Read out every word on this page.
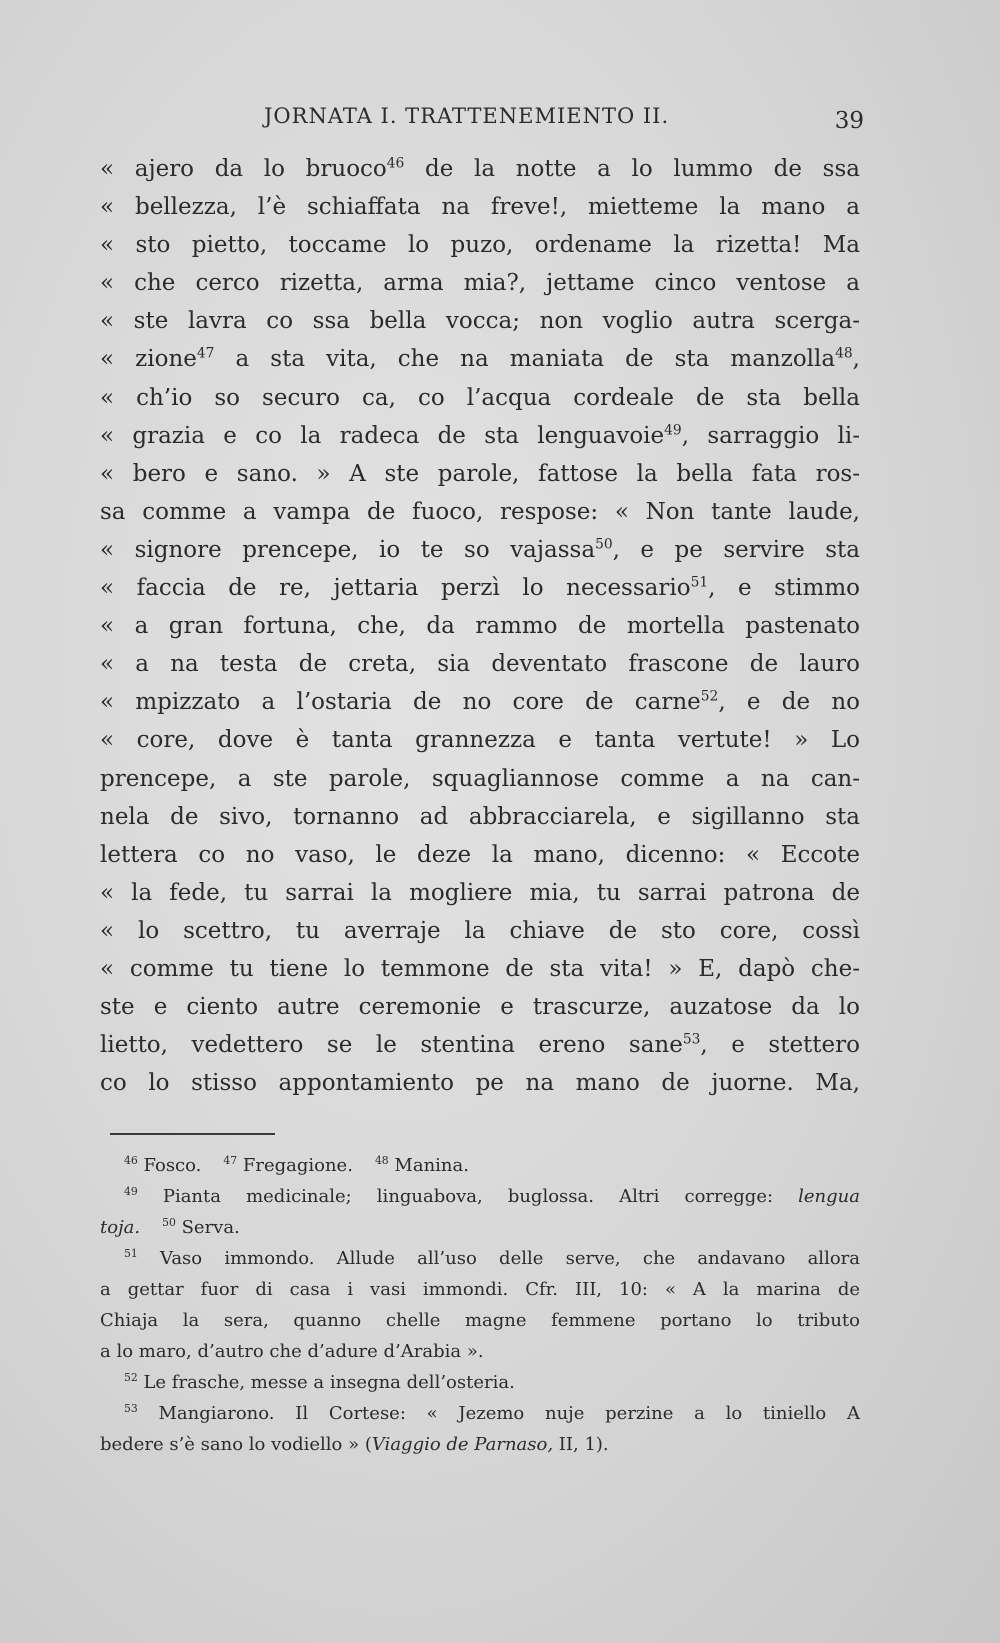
JORNATA I. TRATTENEMIENTO II.	39
« ajero da lo bruoco$^{46}$ de la notte a lo lummo de ssa
« bellezza, l’è schiaffata na freve!, mietteme la mano a
« sto pietto, toccame lo puzo, ordename la rizetta! Ma
« che cerco rizetta, arma mia?, jettame cinco ventose a
« ste lavra co ssa bella vocca; non voglio autra scerga-
« zione$^{47}$ a sta vita, che na maniata de sta manzolla$^{48}$,
« ch’io so securo ca, co l’acqua cordeale de sta bella
« grazia e co la radeca de sta lenguavoie$^{49}$, sarraggio li-
« bero e sano. » A ste parole, fattose la bella fata ros-
sa comme a vampa de fuoco, respose: « Non tante laude,
« signore prencepe, io te so vajassa$^{50}$, e pe servire sta
« faccia de re, jettaria perzì lo necessario$^{51}$, e stimmo
« a gran fortuna, che, da rammo de mortella pastenato
« a na testa de creta, sia deventato frascone de lauro
« mpizzato a l’ostaria de no core de carne$^{52}$, e de no
« core, dove è tanta grannezza e tanta vertute! » Lo
prencepe, a ste parole, squagliannose comme a na can-
nela de sivo, tornanno ad abbracciarela, e sigillanno sta
lettera co no vaso, le deze la mano, dicenno: « Eccote
« la fede, tu sarrai la mogliere mia, tu sarrai patrona de
« lo scettro, tu averraje la chiave de sto core, cossì
« comme tu tiene lo temmone de sta vita! » E, dapò che-
ste e ciento autre ceremonie e trascurze, auzatose da lo
lietto, vedettero se le stentina ereno sane$^{53}$, e stettero
co lo stisso appontamiento pe na mano de juorne. Ma,
$^{46}$ Fosco. $^{47}$ Fregagione. $^{48}$ Manina.
$^{49}$ Pianta medicinale; linguabova, buglossa. Altri corregge: lengua
toja. $^{50}$ Serva.
$^{51}$ Vaso immondo. Allude all’uso delle serve, che andavano allora
a gettar fuor di casa i vasi immondi. Cfr. III, 10: « A la marina de
Chiaja la sera, quanno chelle magne femmene portano lo tributo
a lo maro, d’autro che d’adure d’Arabia ».
$^{52}$ Le frasche, messe a insegna dell’osteria.
$^{53}$ Mangiarono. Il Cortese: « Jezemo nuje perzine a lo tiniello A
bedere s’è sano lo vodiello » (Viaggio de Parnaso, II, 1).
